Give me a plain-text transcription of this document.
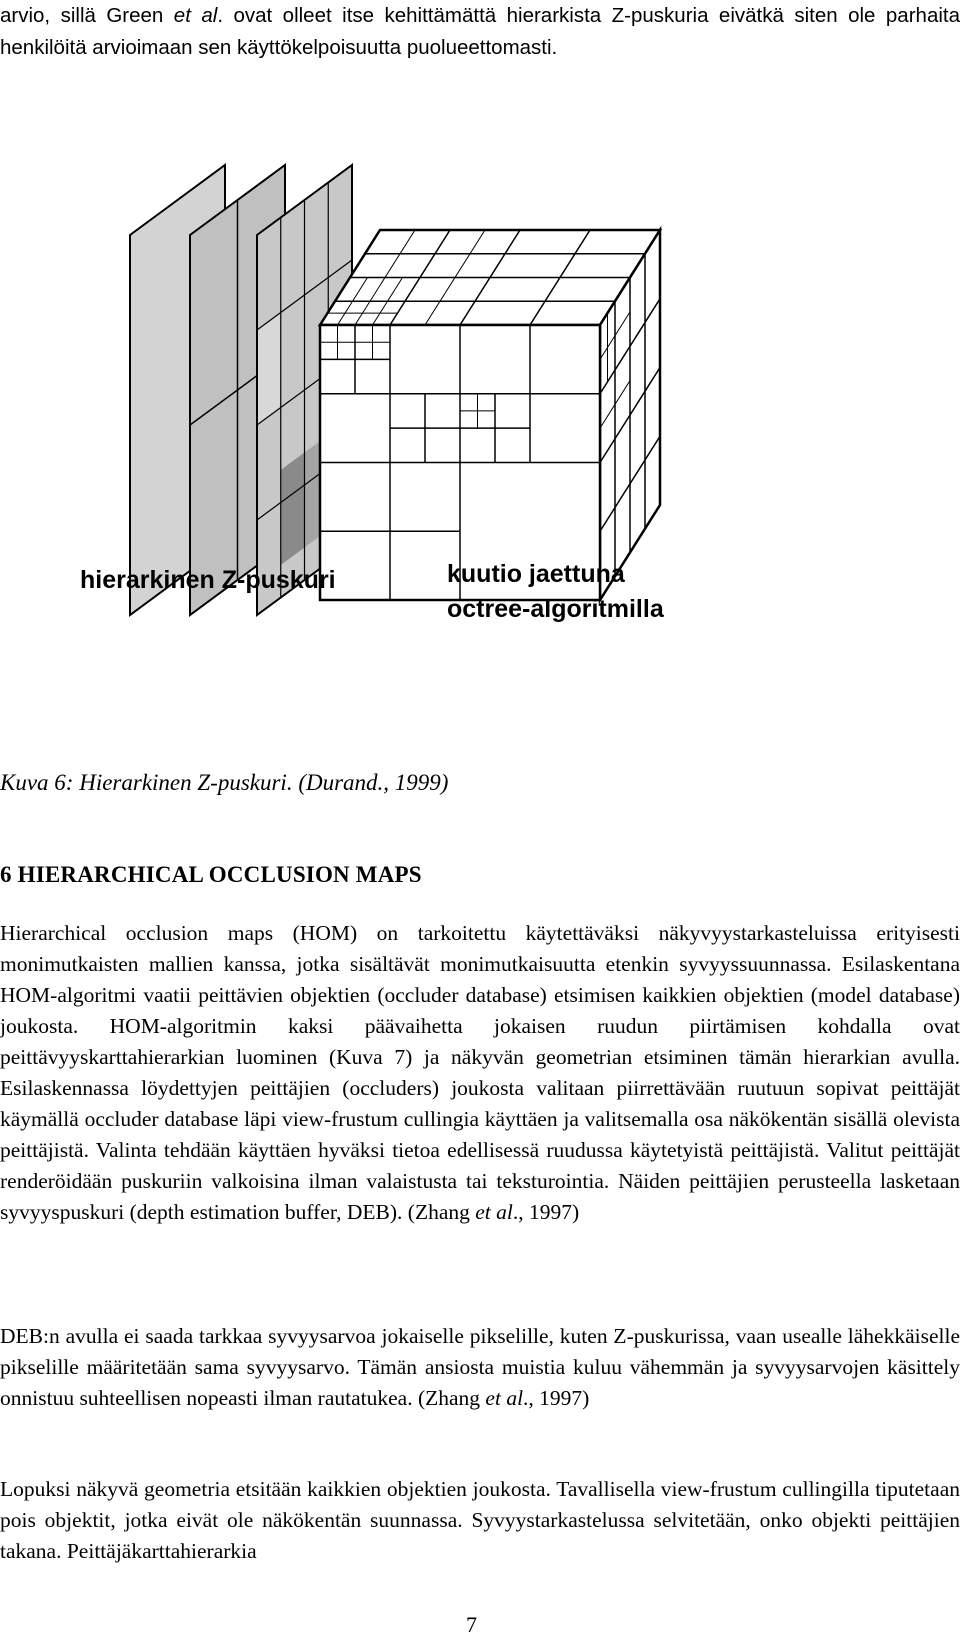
arvio, sillä Green et al. ovat olleet itse kehittämättä hierarkista Z-puskuria eivätkä siten ole parhaita henkilöitä arvioimaan sen käyttökelpoisuutta puolueettomasti.
hierarkinen Z-puskuri	kuutio jaettuna
octree-algoritmilla
Kuva 6: Hierarkinen Z-puskuri. (Durand., 1999)
6 HIERARCHICAL OCCLUSION MAPS
Hierarchical occlusion maps (HOM) on tarkoitettu käytettäväksi näkyvyystarkasteluissa erityisesti monimutkaisten mallien kanssa, jotka sisältävät monimutkaisuutta etenkin syvyyssuunnassa. Esilaskentana HOM-algoritmi vaatii peittävien objektien (occluder database) etsimisen kaikkien objektien (model database) joukosta. HOM-algoritmin kaksi päävaihetta jokaisen ruudun piirtämisen kohdalla ovat peittävyyskarttahierarkian luominen (Kuva 7) ja näkyvän geometrian etsiminen tämän hierarkian avulla. Esilaskennassa löydettyjen peittäjien (occluders) joukosta valitaan piirrettävään ruutuun sopivat peittäjät käymällä occluder database läpi view-frustum cullingia käyttäen ja valitsemalla osa näkökentän sisällä olevista peittäjistä. Valinta tehdään käyttäen hyväksi tietoa edellisessä ruudussa käytetyistä peittäjistä. Valitut peittäjät renderöidään puskuriin valkoisina ilman valaistusta tai teksturointia. Näiden peittäjien perusteella lasketaan syvyyspuskuri (depth estimation buffer, DEB). (Zhang et al., 1997)
DEB:n avulla ei saada tarkkaa syvyysarvoa jokaiselle pikselille, kuten Z-puskurissa, vaan usealle lähekkäiselle pikselille määritetään sama syvyysarvo. Tämän ansiosta muistia kuluu vähemmän ja syvyysarvojen käsittely onnistuu suhteellisen nopeasti ilman rautatukea. (Zhang et al., 1997)
Lopuksi näkyvä geometria etsitään kaikkien objektien joukosta. Tavallisella view-frustum cullingilla tiputetaan pois objektit, jotka eivät ole näkökentän suunnassa. Syvyystarkastelussa selvitetään, onko objekti peittäjien takana. Peittäjäkarttahierarkia
7
